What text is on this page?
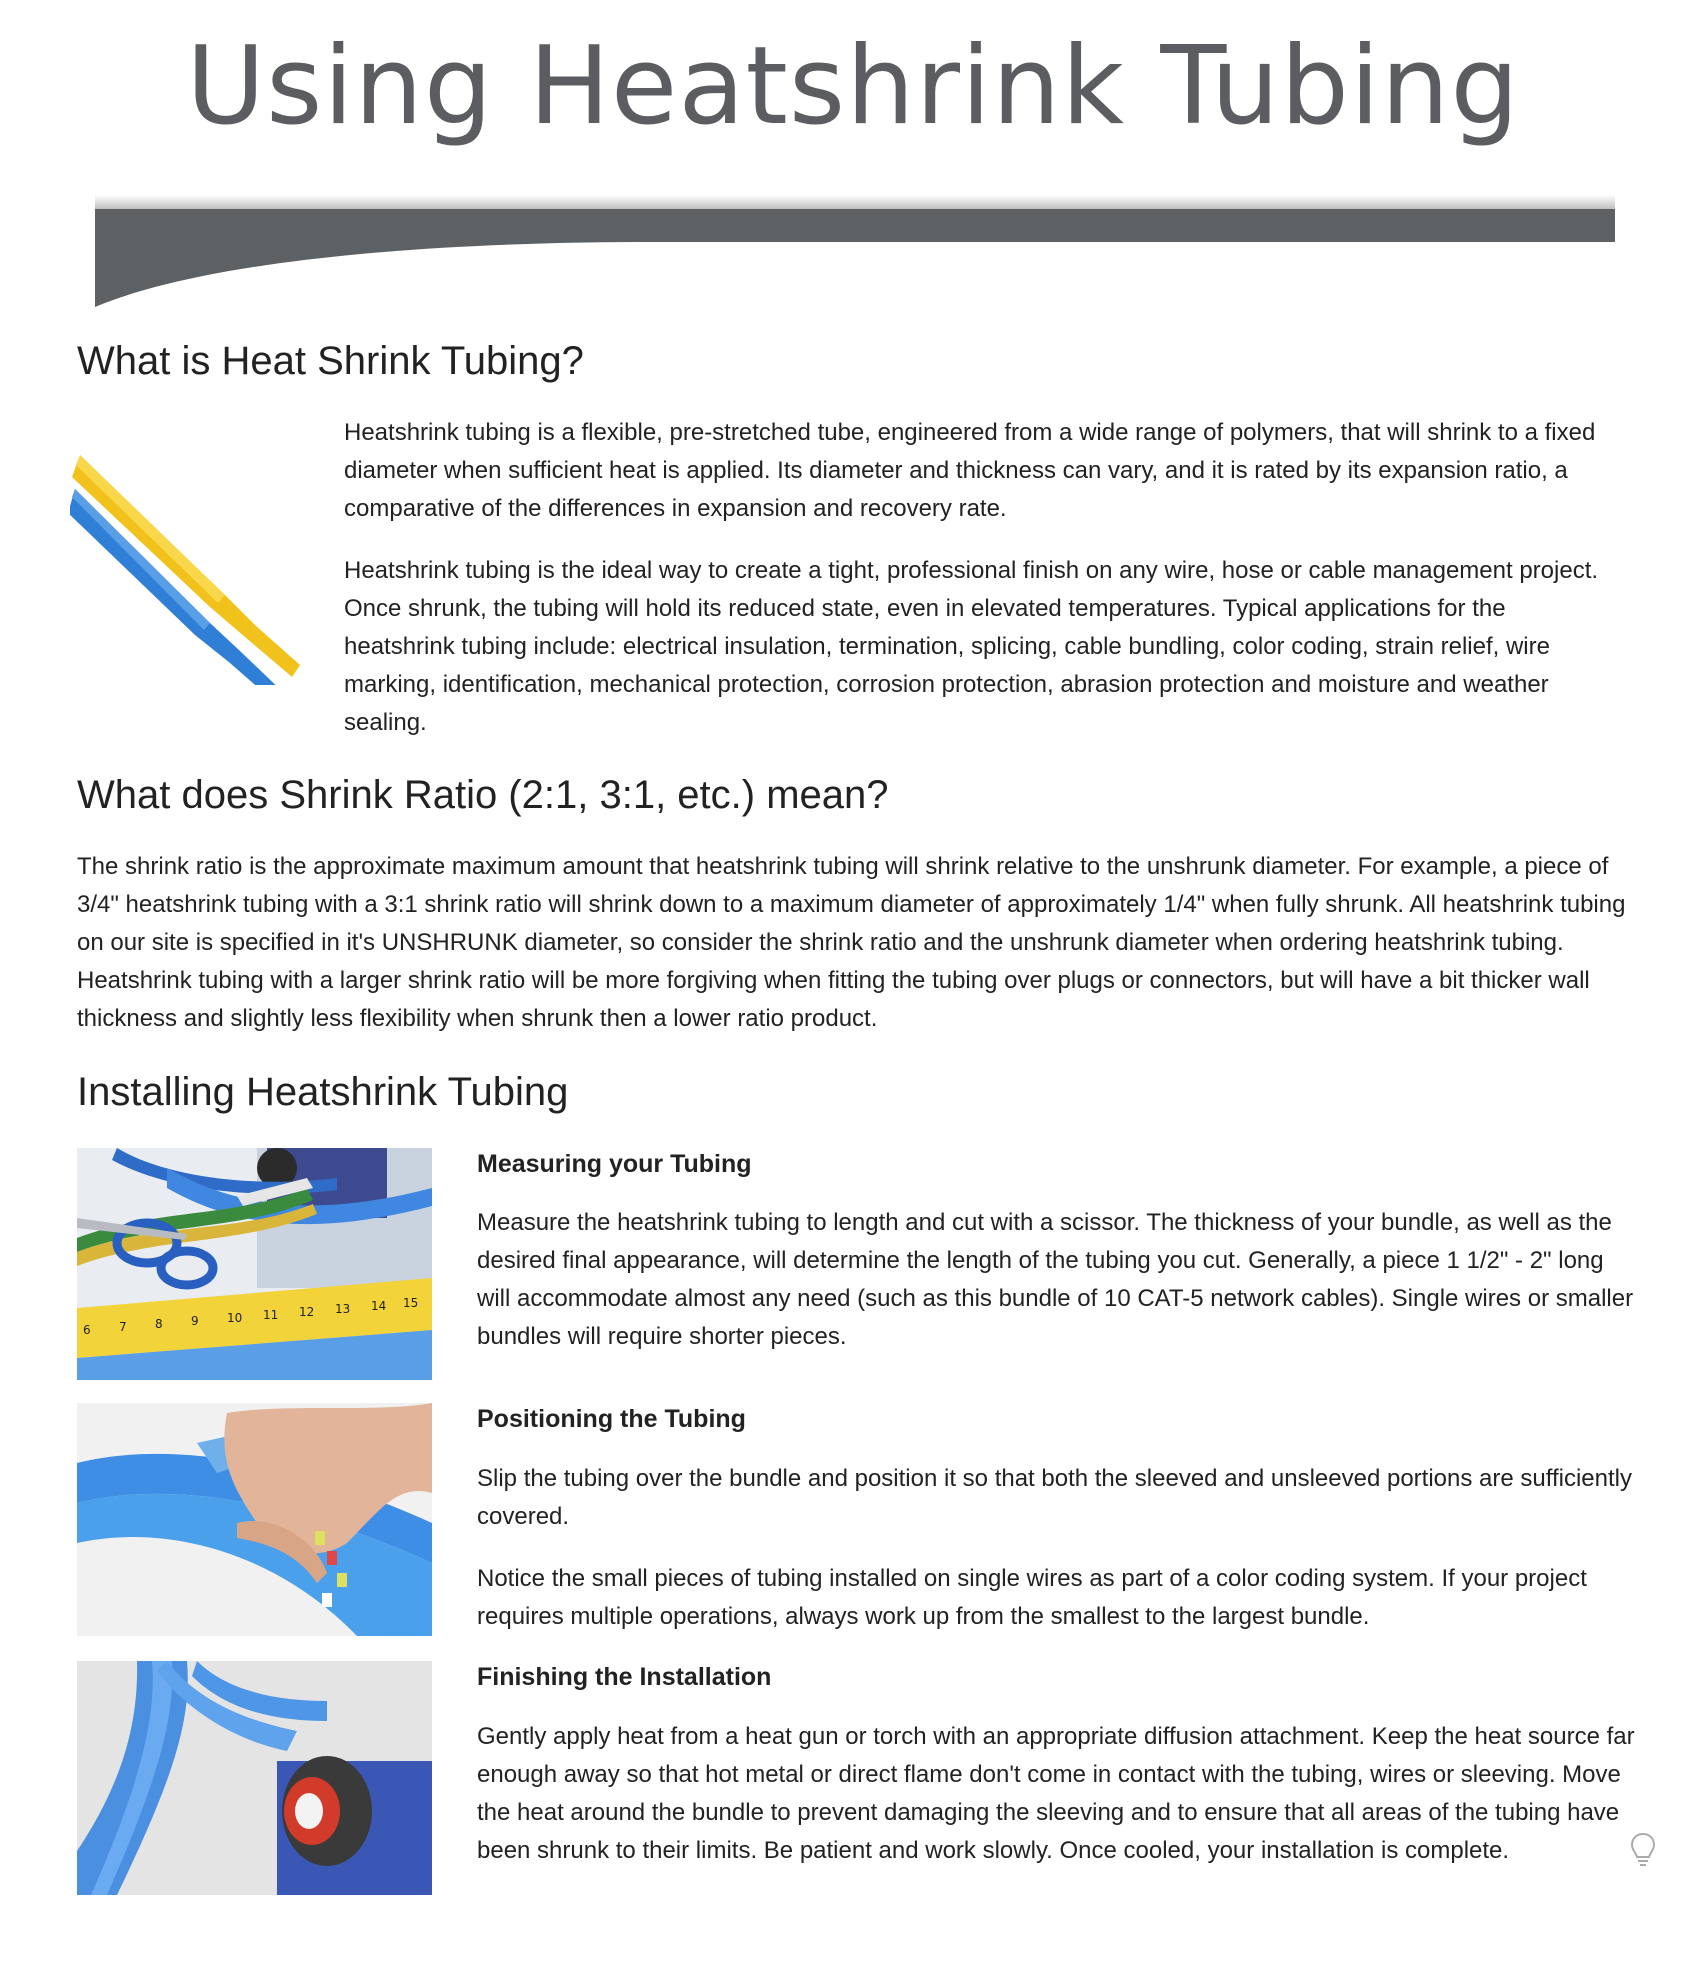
Using Heatshrink Tubing
What is Heat Shrink Tubing?

Heatshrink tubing is a flexible, pre-stretched tube, engineered from a wide range of polymers, that will shrink to a fixed diameter when sufficient heat is applied. Its diameter and thickness can vary, and it is rated by its expansion ratio, a comparative of the differences in expansion and recovery rate.

Heatshrink tubing is the ideal way to create a tight, professional finish on any wire, hose or cable management project. Once shrunk, the tubing will hold its reduced state, even in elevated temperatures. Typical applications for the heatshrink tubing include: electrical insulation, termination, splicing, cable bundling, color coding, strain relief, wire marking, identification, mechanical protection, corrosion protection, abrasion protection and moisture and weather sealing.

What does Shrink Ratio (2:1, 3:1, etc.) mean?

The shrink ratio is the approximate maximum amount that heatshrink tubing will shrink relative to the unshrunk diameter. For example, a piece of 3/4" heatshrink tubing with a 3:1 shrink ratio will shrink down to a maximum diameter of approximately 1/4" when fully shrunk. All heatshrink tubing on our site is specified in it's UNSHRUNK diameter, so consider the shrink ratio and the unshrunk diameter when ordering heatshrink tubing. Heatshrink tubing with a larger shrink ratio will be more forgiving when fitting the tubing over plugs or connectors, but will have a bit thicker wall thickness and slightly less flexibility when shrunk then a lower ratio product.

Installing Heatshrink Tubing
6 7 8 9 10 11 12 13 14 15
Measuring your Tubing

Measure the heatshrink tubing to length and cut with a scissor. The thickness of your bundle, as well as the desired final appearance, will determine the length of the tubing you cut. Generally, a piece 1 1/2" - 2" long will accommodate almost any need (such as this bundle of 10 CAT-5 network cables). Single wires or smaller bundles will require shorter pieces.

Positioning the Tubing

Slip the tubing over the bundle and position it so that both the sleeved and unsleeved portions are sufficiently covered.

Notice the small pieces of tubing installed on single wires as part of a color coding system. If your project requires multiple operations, always work up from the smallest to the largest bundle.

Finishing the Installation

Gently apply heat from a heat gun or torch with an appropriate diffusion attachment. Keep the heat source far enough away so that hot metal or direct flame don't come in contact with the tubing, wires or sleeving. Move the heat around the bundle to prevent damaging the sleeving and to ensure that all areas of the tubing have been shrunk to their limits. Be patient and work slowly. Once cooled, your installation is complete.
